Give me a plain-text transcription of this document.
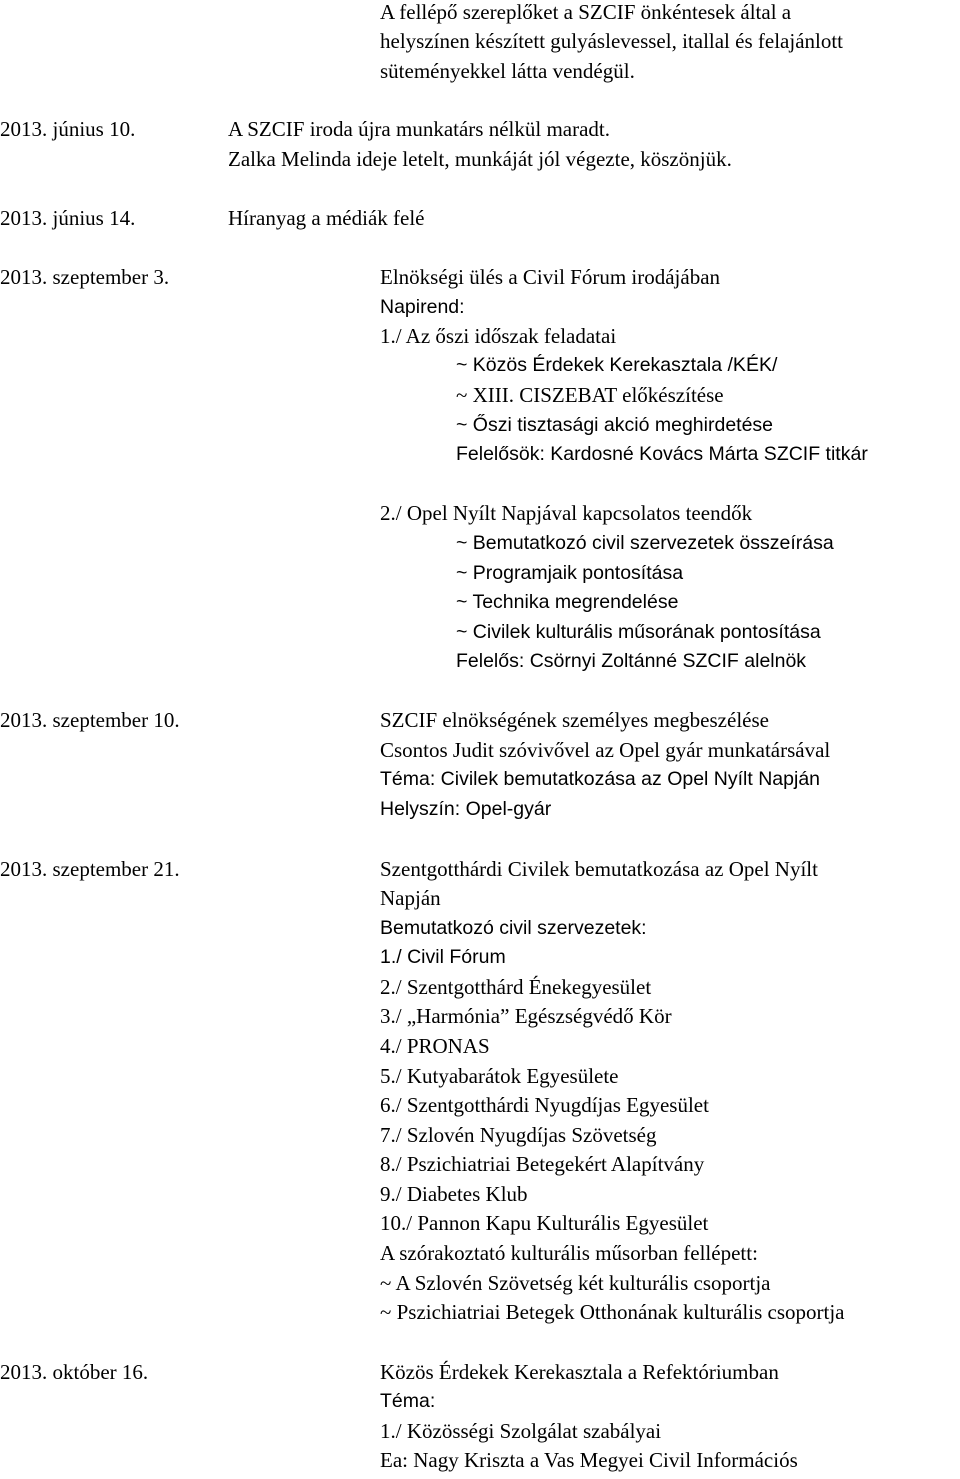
A fellépő szereplőket a SZCIF önkéntesek által a
helyszínen készített gulyáslevessel, itallal és felajánlott
süteményekkel látta vendégül.
2013. június 10.	A SZCIF iroda újra munkatárs nélkül maradt.
Zalka Melinda ideje letelt, munkáját jól végezte, köszönjük.
2013. június 14.	Híranyag a médiák felé
2013. szeptember 3.	Elnökségi ülés a Civil Fórum irodájában
Napirend:
1./ Az őszi időszak feladatai
~ Közös Érdekek Kerekasztala /KÉK/
~ XIII. CISZEBAT előkészítése
~ Őszi tisztasági akció meghirdetése
Felelősök: Kardosné Kovács Márta SZCIF titkár
2./ Opel Nyílt Napjával kapcsolatos teendők
~ Bemutatkozó civil szervezetek összeírása
~ Programjaik pontosítása
~ Technika megrendelése
~ Civilek kulturális műsorának pontosítása
Felelős: Csörnyi Zoltánné SZCIF alelnök
2013. szeptember 10.	SZCIF elnökségének személyes megbeszélése
Csontos Judit szóvivővel az Opel gyár munkatársával
Téma: Civilek bemutatkozása az Opel Nyílt Napján
Helyszín: Opel-gyár
2013. szeptember 21.	Szentgotthárdi Civilek bemutatkozása az Opel Nyílt
Napján
Bemutatkozó civil szervezetek:
1./ Civil Fórum
2./ Szentgotthárd Énekegyesület
3./ „Harmónia” Egészségvédő Kör
4./ PRONAS
5./ Kutyabarátok Egyesülete
6./ Szentgotthárdi Nyugdíjas Egyesület
7./ Szlovén Nyugdíjas Szövetség
8./ Pszichiatriai Betegekért Alapítvány
9./ Diabetes Klub
10./ Pannon Kapu Kulturális Egyesület
A szórakoztató kulturális műsorban fellépett:
~ A Szlovén Szövetség két kulturális csoportja
~ Pszichiatriai Betegek Otthonának kulturális csoportja
2013. október 16.	Közös Érdekek Kerekasztala a Refektóriumban
Téma:
1./ Közösségi Szolgálat szabályai
Ea: Nagy Kriszta a Vas Megyei Civil Információs
